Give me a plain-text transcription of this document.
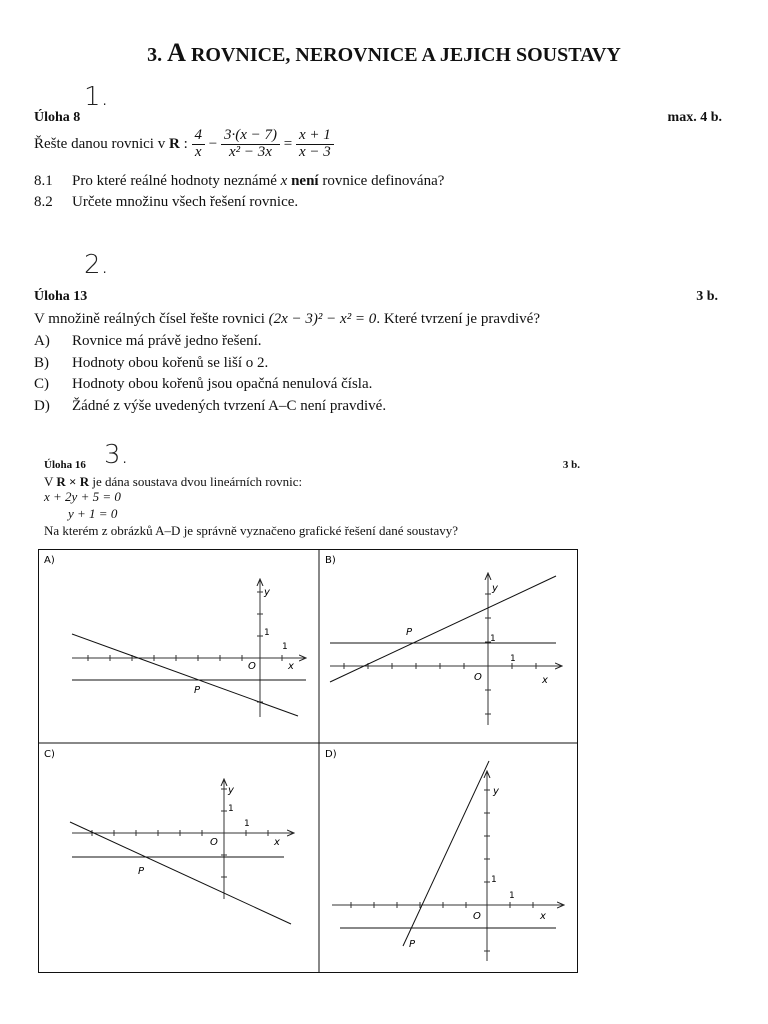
3. A ROVNICE, NEROVNICE A JEJICH SOUSTAVY
1.
Úloha 8	max. 4 b.
Řešte danou rovnici v R : $\frac{4}{x} - \frac{3\cdot(x - 7)}{\text{x² − 3x}} = \frac{x + 1}{x - 3}$
8.1 Pro které reálné hodnoty neznámé x není rovnice definována?
8.2 Určete množinu všech řešení rovnice.
2.
Úloha 13	3 b.
V množině reálných čísel řešte rovnici (2x − 3)² − x² = 0. Které tvrzení je pravdivé?
A) Rovnice má právě jedno řešení.
B) Hodnoty obou kořenů se liší o 2.
C) Hodnoty obou kořenů jsou opačná nenulová čísla.
D) Žádné z výše uvedených tvrzení A–C není pravdivé.
3.
Úloha 16	3 b.
V R × R je dána soustava dvou lineárních rovnic:
x + 2y + 5 = 0
y + 1 = 0
Na kterém z obrázků A–D je správně vyznačeno grafické řešení dané soustavy?
A)
y
x
O
1
1
P
B)
y
x
O
1
1
P
C)
y
x
O
1
1
P
D)
y
x
O
1
1
P
